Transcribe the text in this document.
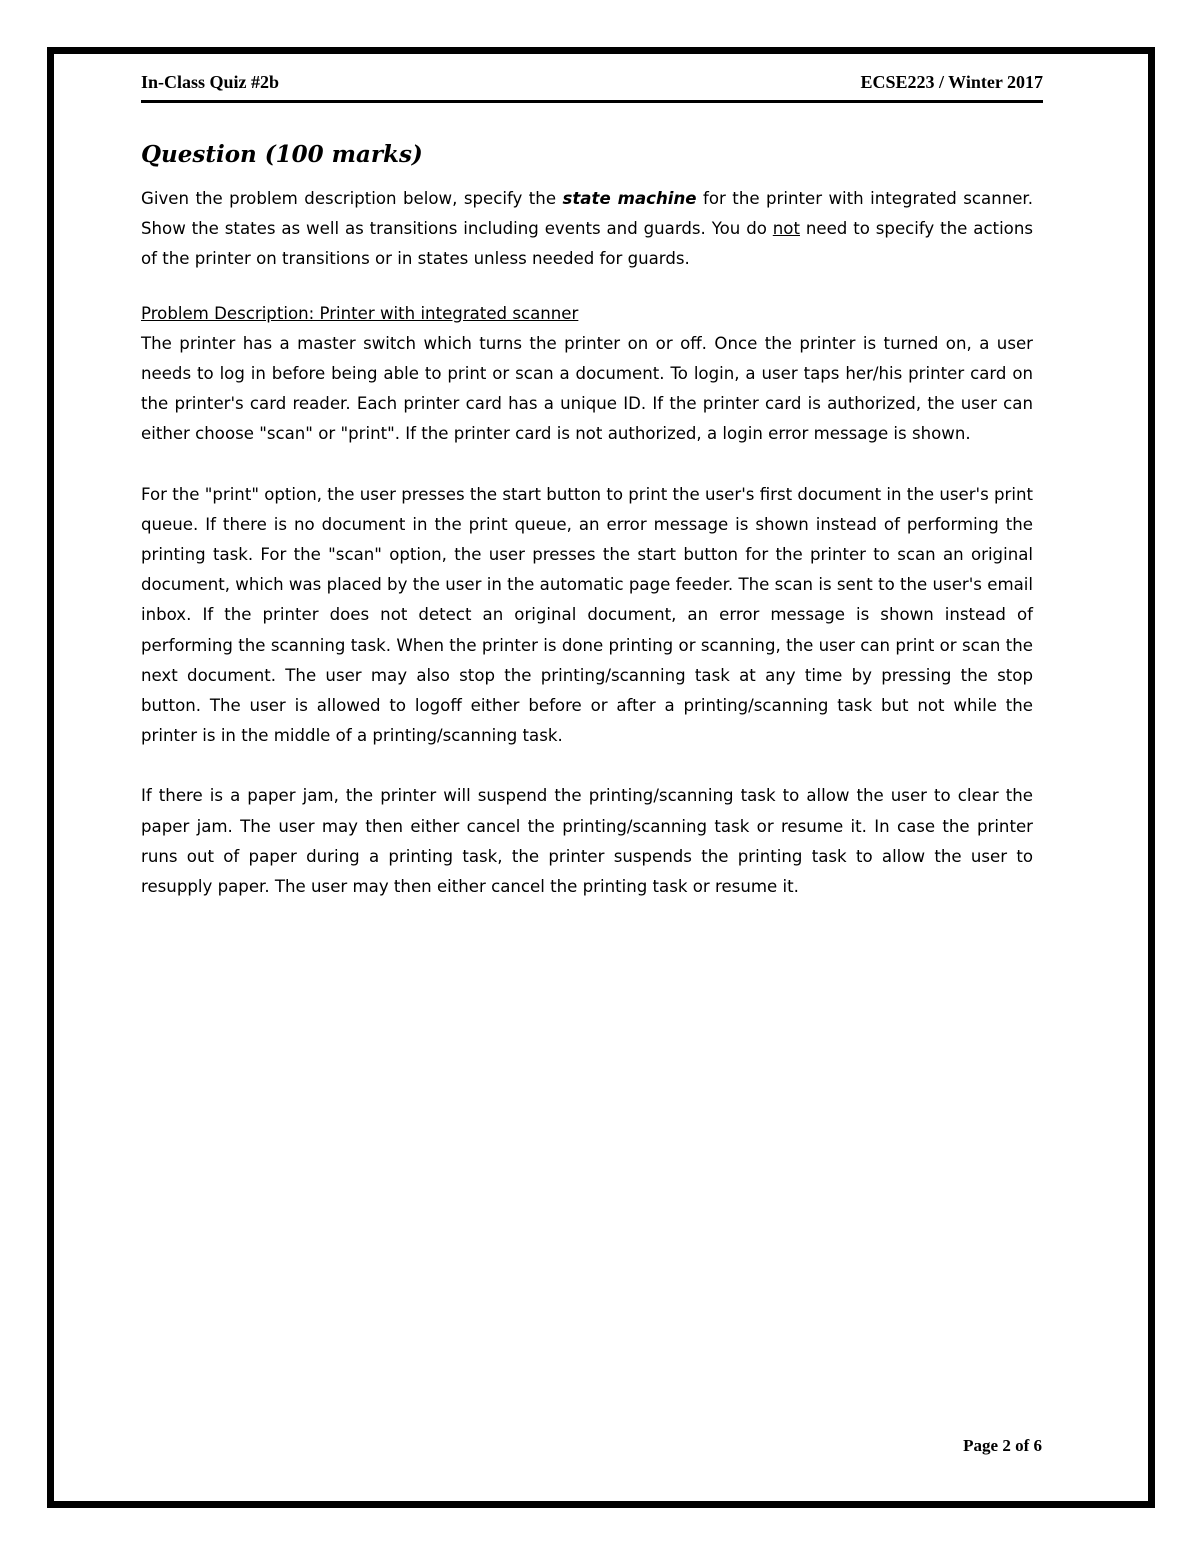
In-Class Quiz #2b	ECSE223 / Winter 2017
Question (100 marks)

Given the problem description below, specify the state machine for the printer with integrated scanner. Show the states as well as transitions including events and guards. You do not need to specify the actions of the printer on transitions or in states unless needed for guards.

Problem Description: Printer with integrated scanner

The printer has a master switch which turns the printer on or off. Once the printer is turned on, a user needs to log in before being able to print or scan a document. To login, a user taps her/his printer card on the printer's card reader. Each printer card has a unique ID. If the printer card is authorized, the user can either choose "scan" or "print". If the printer card is not authorized, a login error message is shown.

For the "print" option, the user presses the start button to print the user's first document in the user's print queue. If there is no document in the print queue, an error message is shown instead of performing the printing task. For the "scan" option, the user presses the start button for the printer to scan an original document, which was placed by the user in the automatic page feeder. The scan is sent to the user's email inbox. If the printer does not detect an original document, an error message is shown instead of performing the scanning task. When the printer is done printing or scanning, the user can print or scan the next document. The user may also stop the printing/scanning task at any time by pressing the stop button. The user is allowed to logoff either before or after a printing/scanning task but not while the printer is in the middle of a printing/scanning task.

If there is a paper jam, the printer will suspend the printing/scanning task to allow the user to clear the paper jam. The user may then either cancel the printing/scanning task or resume it. In case the printer runs out of paper during a printing task, the printer suspends the printing task to allow the user to resupply paper. The user may then either cancel the printing task or resume it.

Page 2 of 6
